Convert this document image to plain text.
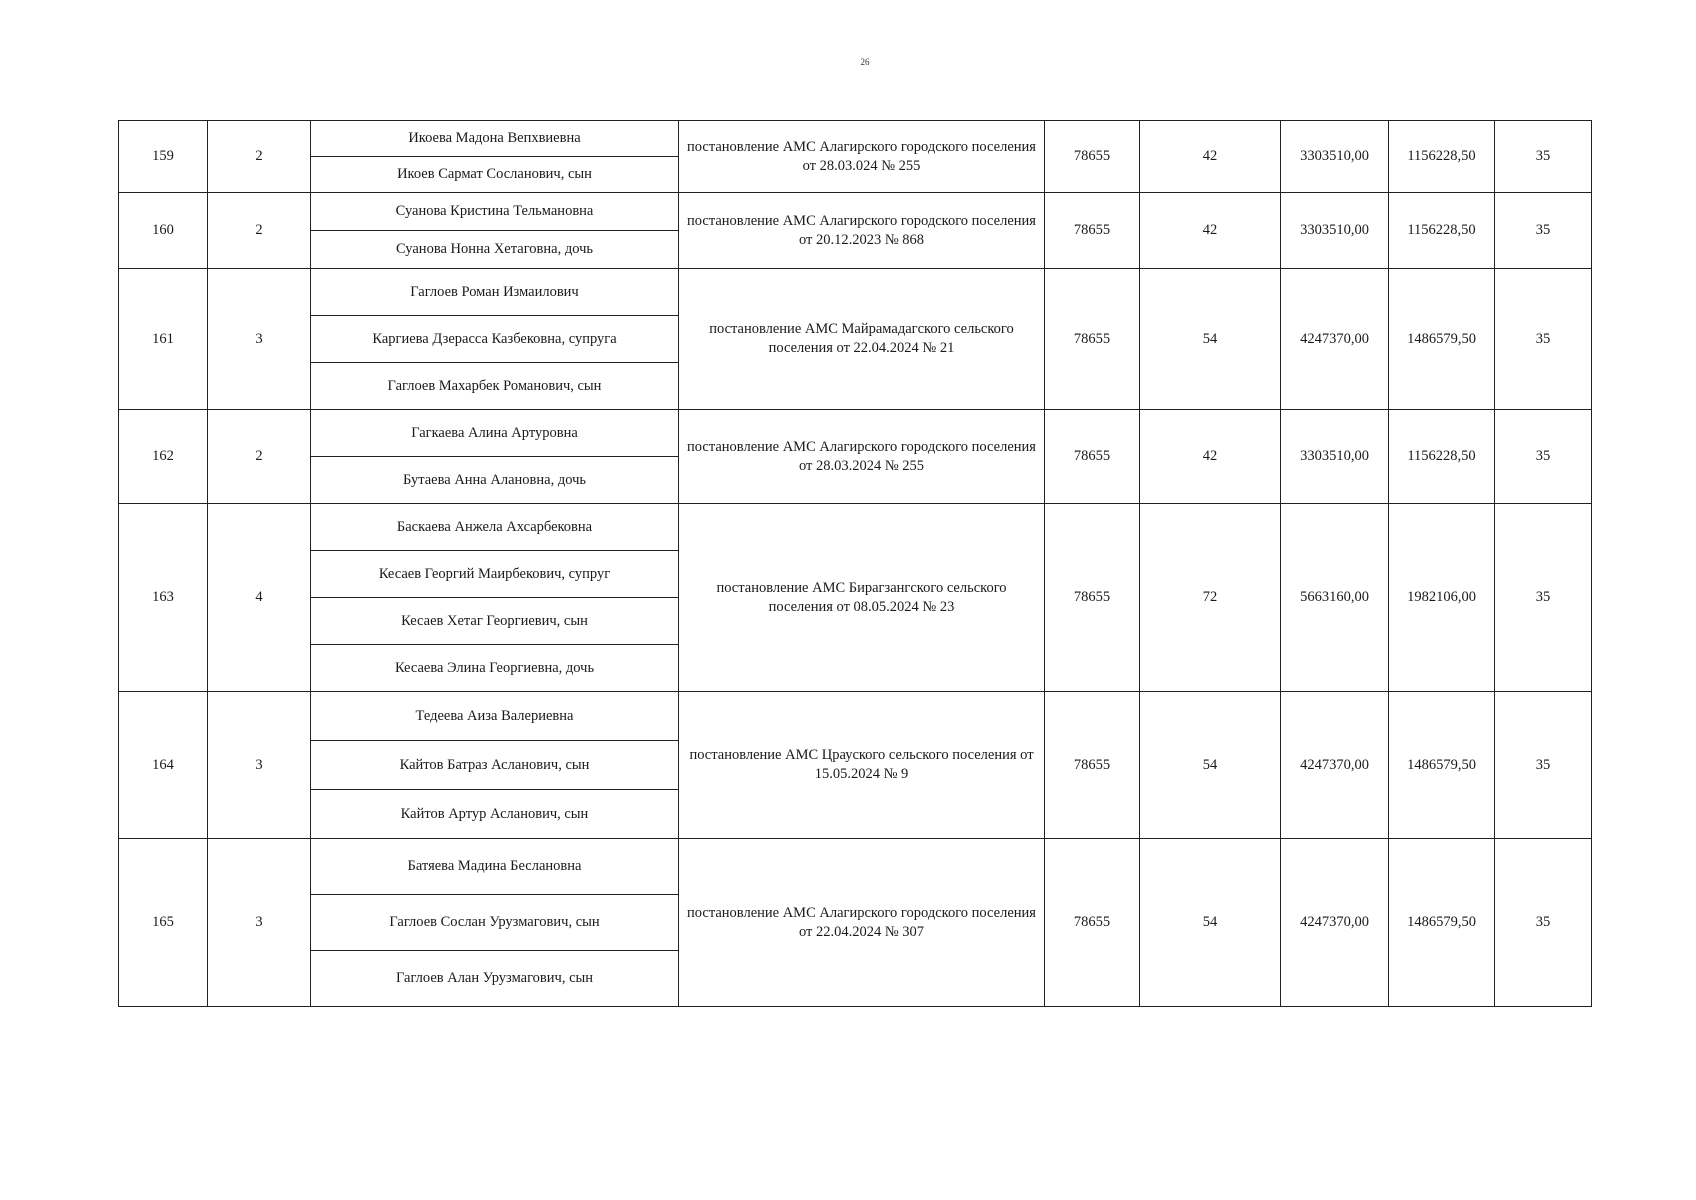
26
159	2	Икоева Мадона Вепхвиевна	постановление АМС Алагирского городского поселения от 28.03.024 № 255	78655	42	3303510,00	1156228,50	35
		Икоев Сармат Сосланович, сын						
160	2	Суанова Кристина Тельмановна	постановление АМС Алагирского городского поселения от 20.12.2023 № 868	78655	42	3303510,00	1156228,50	35
		Суанова Нонна Хетаговна, дочь						
161	3	Гаглоев Роман Измаилович	постановление АМС Майрамадагского сельского поселения от 22.04.2024 № 21	78655	54	4247370,00	1486579,50	35
		Каргиева Дзерасса Казбековна, супруга						
		Гаглоев Махарбек Романович, сын						
162	2	Гагкаева Алина Артуровна	постановление АМС Алагирского городского поселения от 28.03.2024 № 255	78655	42	3303510,00	1156228,50	35
		Бутаева Анна Алановна, дочь						
163	4	Баскаева Анжела Ахсарбековна	постановление АМС Бирагзангского сельского поселения от 08.05.2024 № 23	78655	72	5663160,00	1982106,00	35
		Кесаев Георгий Маирбекович, супруг						
		Кесаев Хетаг Георгиевич, сын						
		Кесаева Элина Георгиевна, дочь						
164	3	Тедеева Аиза Валериевна	постановление АМС Црауского сельского поселения от 15.05.2024 № 9	78655	54	4247370,00	1486579,50	35
		Кайтов Батраз Асланович, сын						
		Кайтов Артур Асланович, сын						
165	3	Батяева Мадина Беслановна	постановление АМС Алагирского городского поселения от 22.04.2024 № 307	78655	54	4247370,00	1486579,50	35
		Гаглоев Сослан Урузмагович, сын						
		Гаглоев Алан Урузмагович, сын						
